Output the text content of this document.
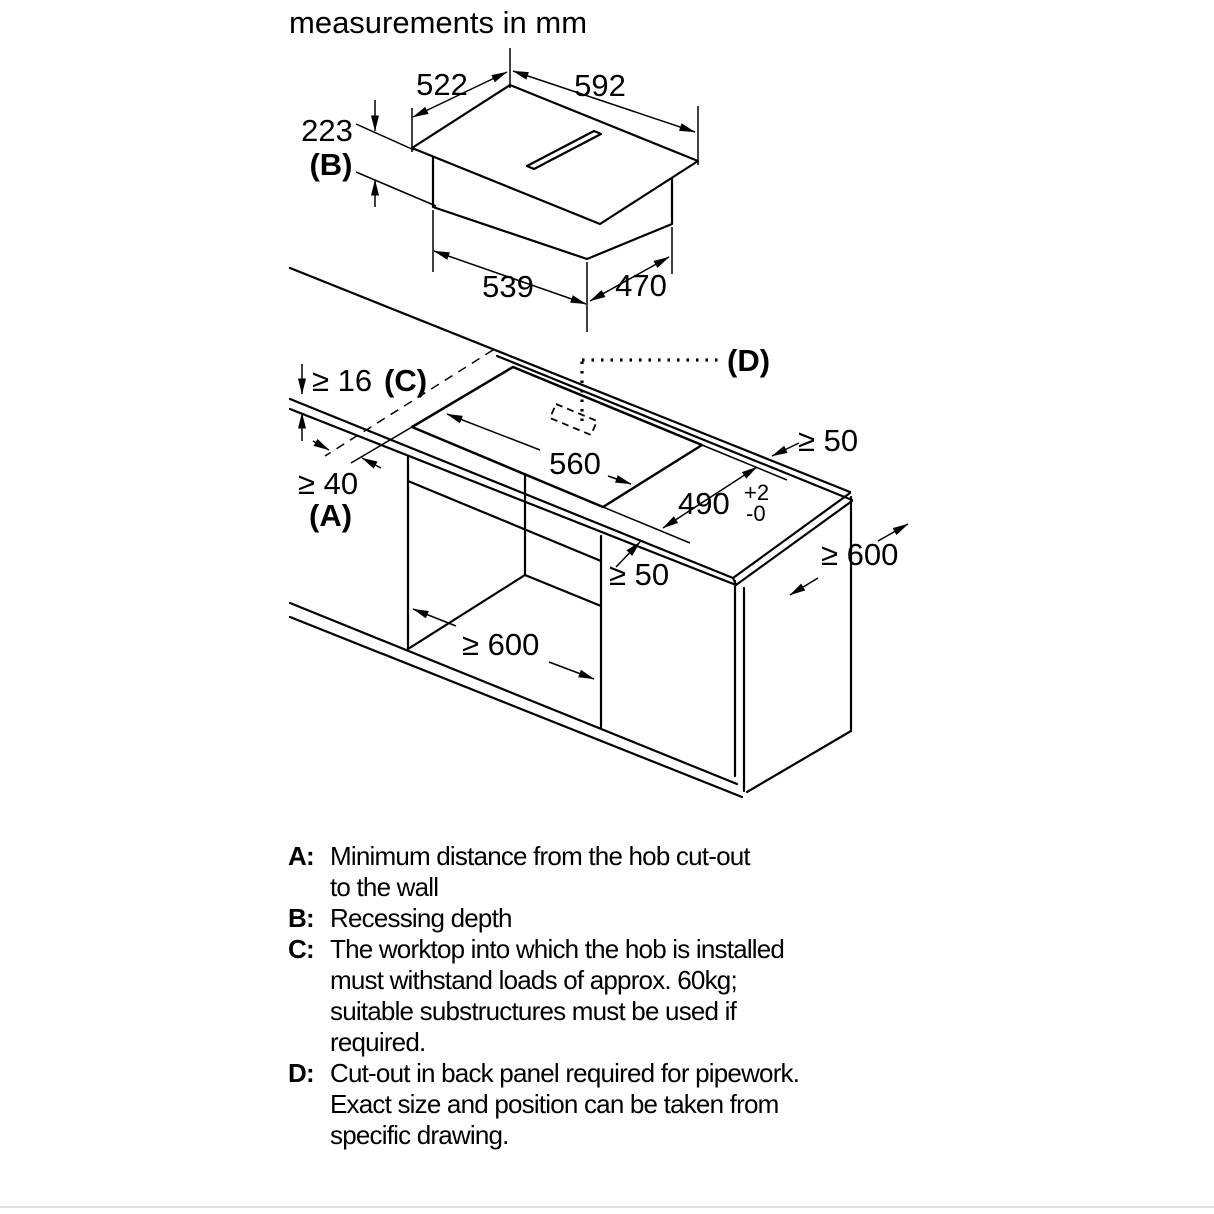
measurements in mm
522	592
223
(B)
539	470
(D)
≥ 16 (C)
≥ 40
(A)
560
490 +2
-0
≥ 50
≥ 50
≥ 600
≥ 600
A: Minimum distance from the hob cut-out
to the wall
B: Recessing depth
C: The worktop into which the hob is installed
must withstand loads of approx. 60kg;
suitable substructures must be used if
required.
D: Cut-out in back panel required for pipework.
Exact size and position can be taken from
specific drawing.
